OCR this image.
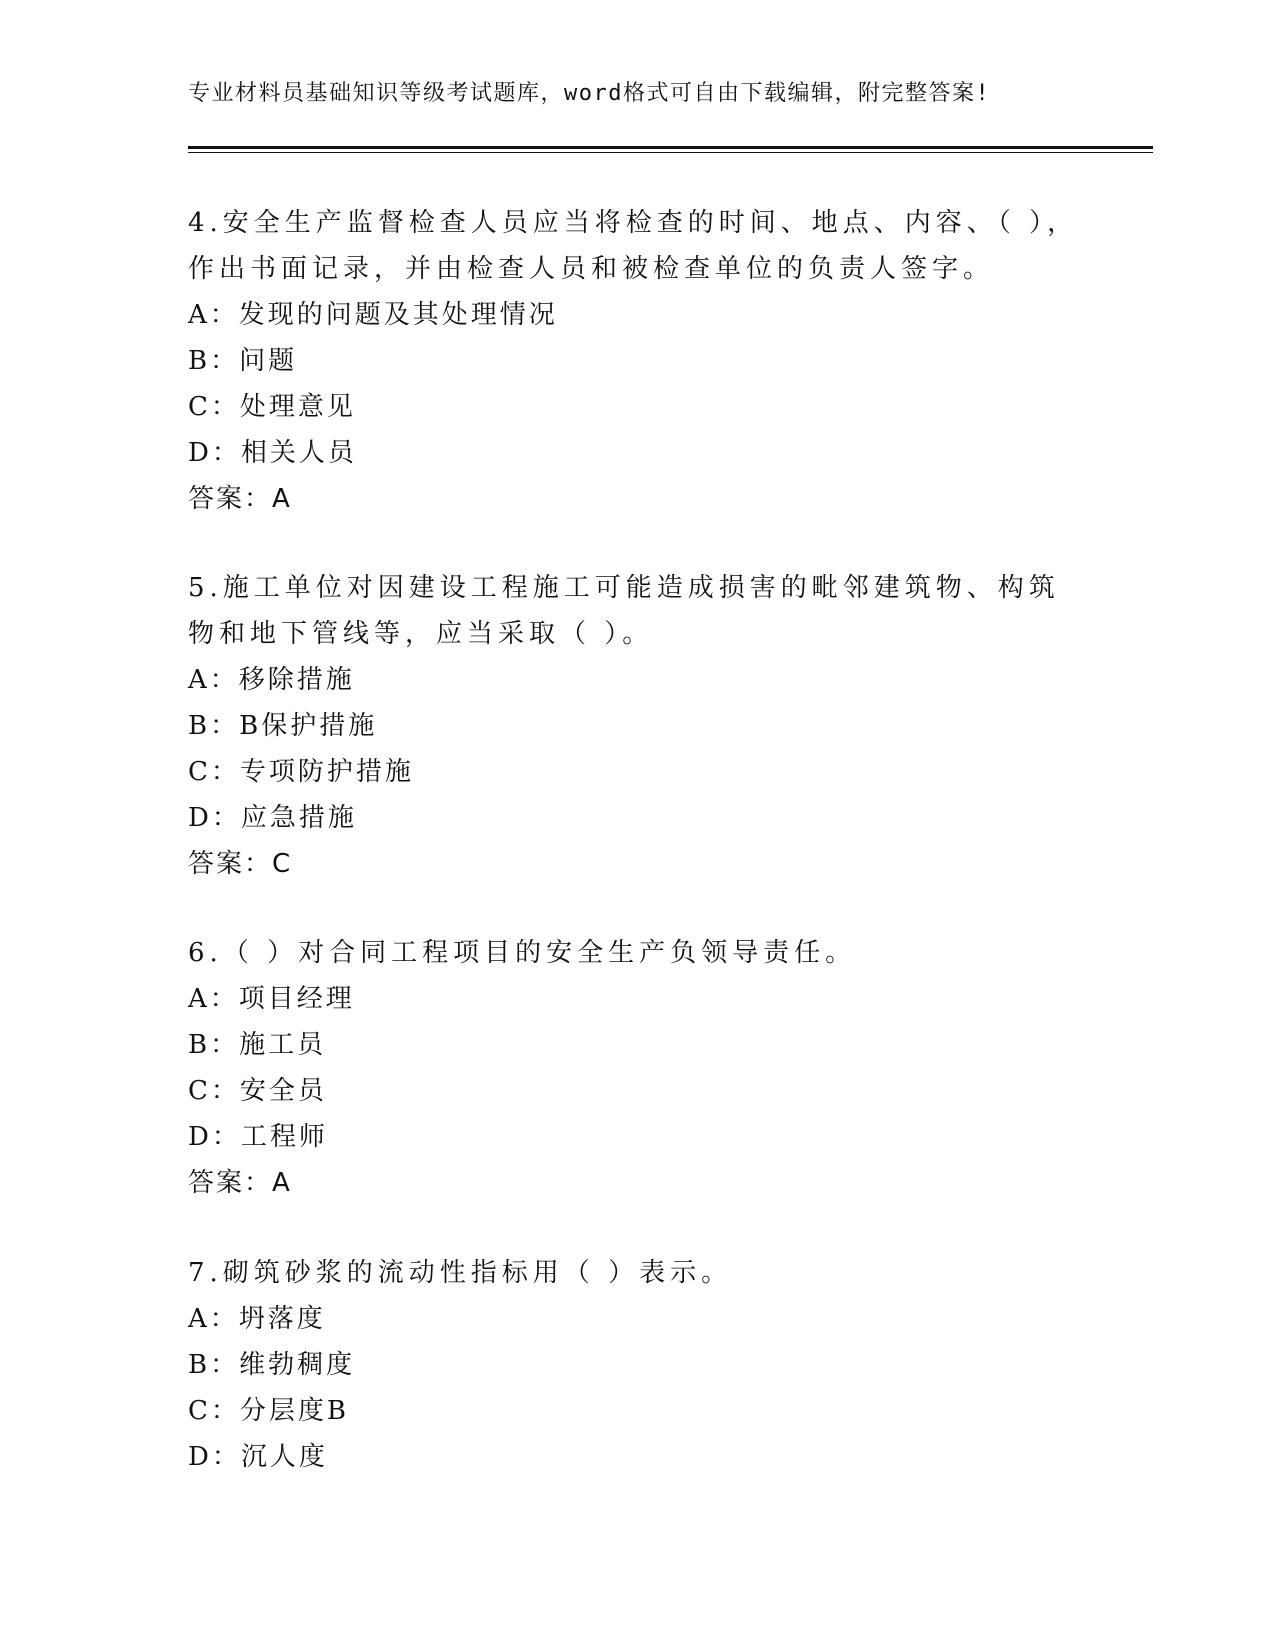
专业材料员基础知识等级考试题库，word格式可自由下载编辑，附完整答案!
4.安全生产监督检查人员应当将检查的时间、地点、内容、（ ），作出书面记录，并由检查人员和被检查单位的负责人签字。
A：发现的问题及其处理情况
B：问题
C：处理意见
D：相关人员
答案：A
5.施工单位对因建设工程施工可能造成损害的毗邻建筑物、构筑物和地下管线等，应当采取（ ）。
A：移除措施
B：B保护措施
C：专项防护措施
D：应急措施
答案：C
6.（ ）对合同工程项目的安全生产负领导责任。
A：项目经理
B：施工员
C：安全员
D：工程师
答案：A
7.砌筑砂浆的流动性指标用（ ）表示。
A：坍落度
B：维勃稠度
C：分层度B
D：沉人度
